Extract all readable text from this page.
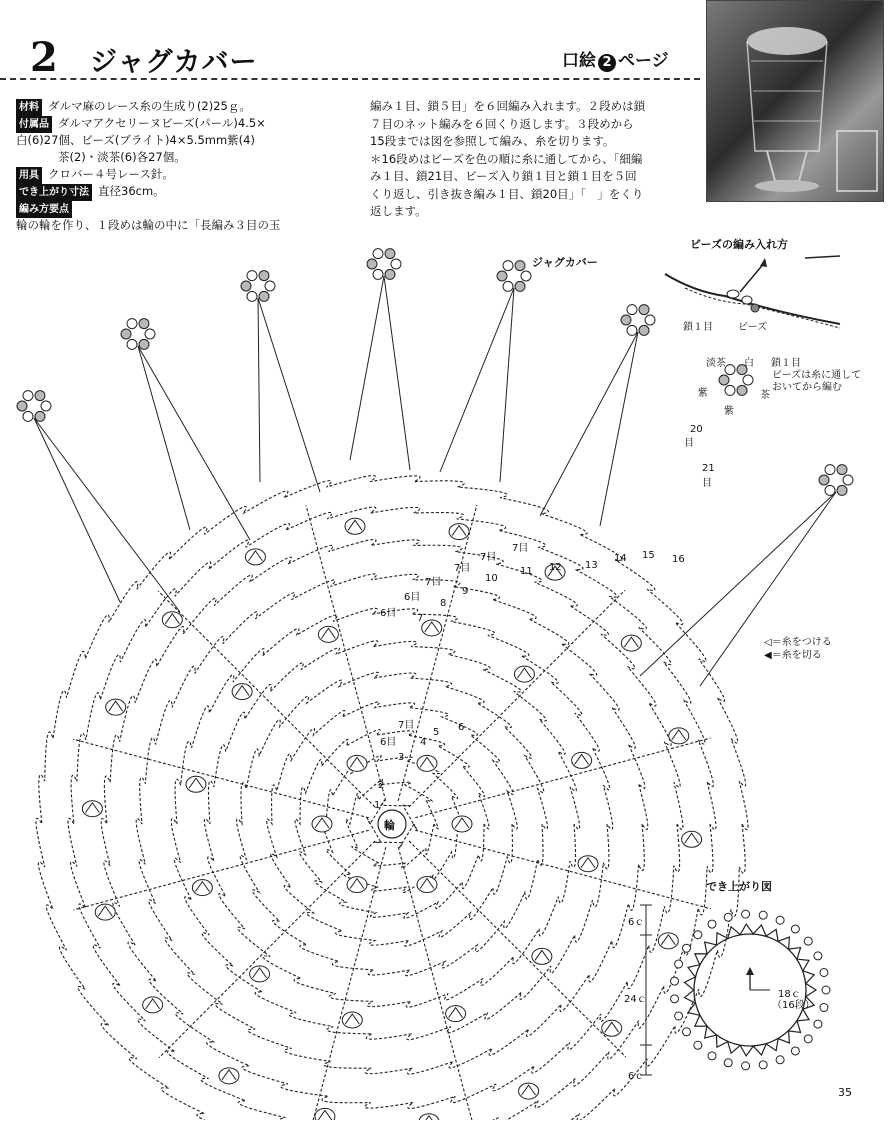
2 ジャグカバー	口絵 2 ページ
材料 ダルマ麻のレース糸の生成り(2)25ｇ。
付属品 ダルマアクセリーヌビーズ(パール)4.5×
白(6)27個、ビーズ(ブライト)4×5.5mm紫(4)
茶(2)・淡茶(6)各27個。
用具 クロバー４号レース針。
でき上がり寸法 直径36cm。
編み方要点
輪の輪を作り、１段めは輪の中に「長編み３目の玉
編み１目、鎖５目」を６回編み入れます。２段めは鎖
７目のネット編みを６回くり返します。３段めから
15段までは図を参照して編み、糸を切ります。
＊16段めはビーズを色の順に糸に通してから、「細編
み１目、鎖21目、ビーズ入り鎖１目と鎖１目を５回
くり返し、引き抜き編み１目、鎖20目」「　」をくり
返します。
ジャグカバー
輪
1
2
3
4
5 6
7
8
9
10
11 12 13
14 15 16
7目
7目
7目
7目
6目
6目
7目
6目
ビーズの編み入れ方
鎖１目	ビーズ
淡茶 白 鎖１目
ビーズは糸に通して
おいてから編む
紫	茶
紫
20
目
21
目
◁＝糸をつける
◀＝糸を切る
でき上がり図
6ｃ
24ｃ
6ｃ
18ｃ
（16段）
35
